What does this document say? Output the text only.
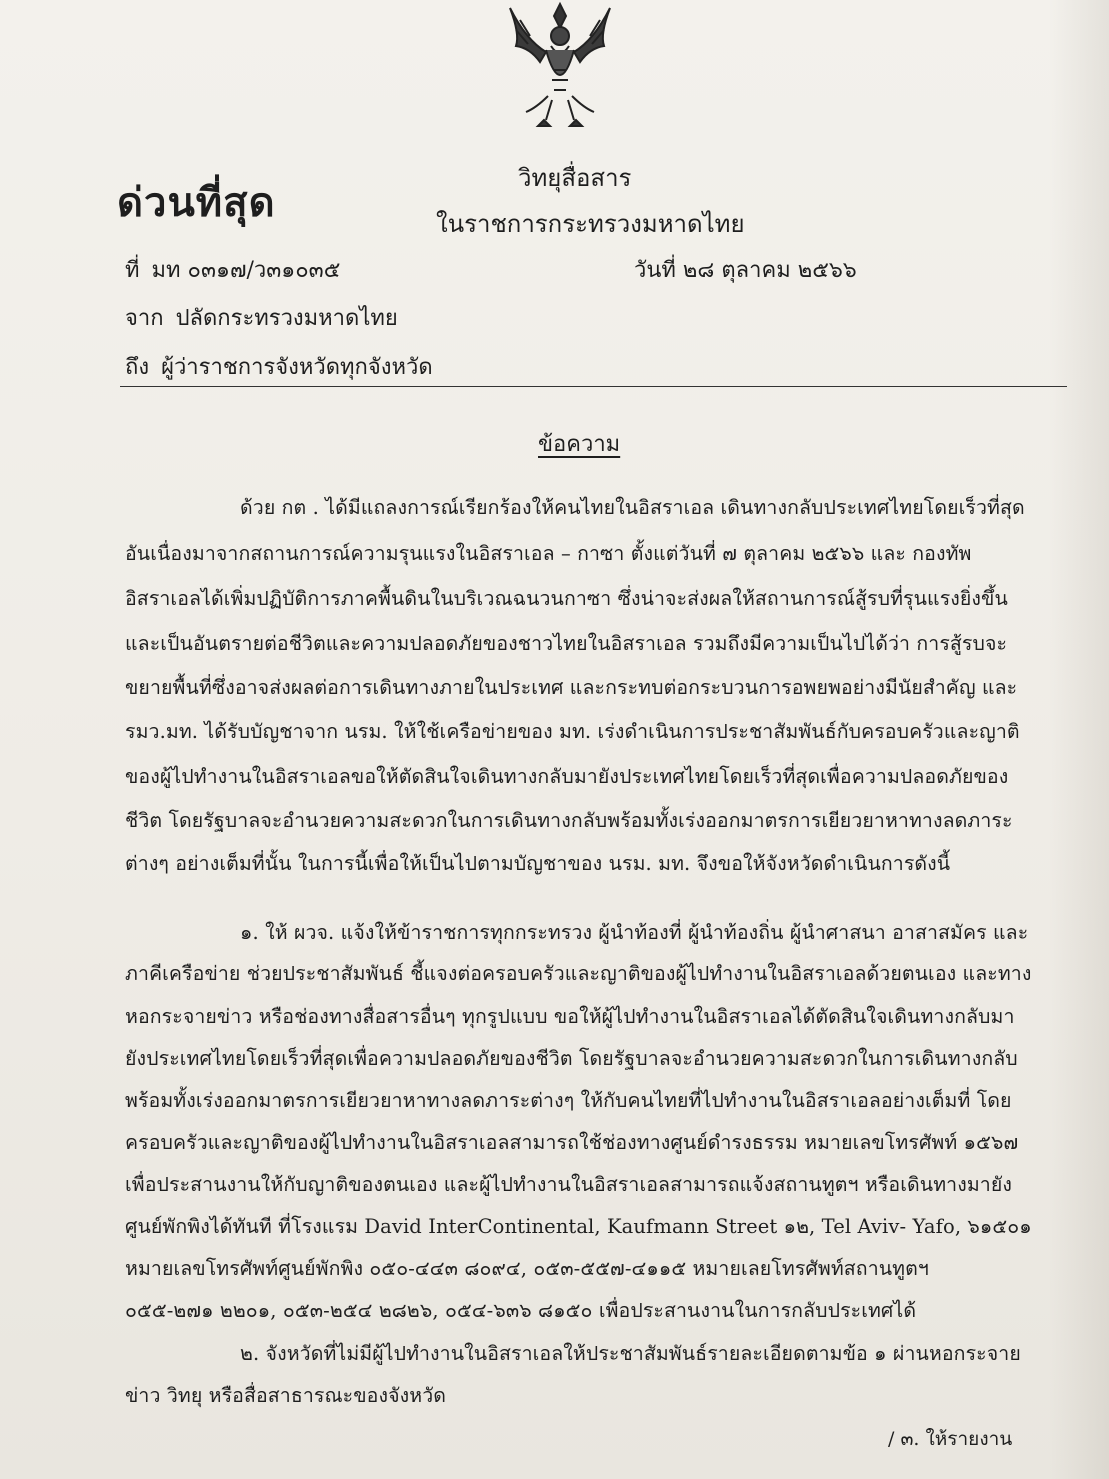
ด่วนที่สุด
วิทยุสื่อสาร
ในราชการกระทรวงมหาดไทย
ที่ มท ๐๓๑๗/ว๓๑๐๓๕	วันที่ ๒๘ ตุลาคม ๒๕๖๖
จาก ปลัดกระทรวงมหาดไทย
ถึง ผู้ว่าราชการจังหวัดทุกจังหวัด
ข้อความ
ด้วย กต . ได้มีแถลงการณ์เรียกร้องให้คนไทยในอิสราเอล เดินทางกลับประเทศไทยโดยเร็วที่สุด
อันเนื่องมาจากสถานการณ์ความรุนแรงในอิสราเอล – กาซา ตั้งแต่วันที่ ๗ ตุลาคม ๒๕๖๖ และ กองทัพ
อิสราเอลได้เพิ่มปฏิบัติการภาคพื้นดินในบริเวณฉนวนกาซา ซึ่งน่าจะส่งผลให้สถานการณ์สู้รบที่รุนแรงยิ่งขึ้น
และเป็นอันตรายต่อชีวิตและความปลอดภัยของชาวไทยในอิสราเอล รวมถึงมีความเป็นไปได้ว่า การสู้รบจะ
ขยายพื้นที่ซึ่งอาจส่งผลต่อการเดินทางภายในประเทศ และกระทบต่อกระบวนการอพยพอย่างมีนัยสำคัญ และ
รมว.มท. ได้รับบัญชาจาก นรม. ให้ใช้เครือข่ายของ มท. เร่งดำเนินการประชาสัมพันธ์กับครอบครัวและญาติ
ของผู้ไปทำงานในอิสราเอลขอให้ตัดสินใจเดินทางกลับมายังประเทศไทยโดยเร็วที่สุดเพื่อความปลอดภัยของ
ชีวิต โดยรัฐบาลจะอำนวยความสะดวกในการเดินทางกลับพร้อมทั้งเร่งออกมาตรการเยียวยาหาทางลดภาระ
ต่างๆ อย่างเต็มที่นั้น ในการนี้เพื่อให้เป็นไปตามบัญชาของ นรม. มท. จึงขอให้จังหวัดดำเนินการดังนี้
๑. ให้ ผวจ. แจ้งให้ข้าราชการทุกกระทรวง ผู้นำท้องที่ ผู้นำท้องถิ่น ผู้นำศาสนา อาสาสมัคร และ
ภาคีเครือข่าย ช่วยประชาสัมพันธ์ ชี้แจงต่อครอบครัวและญาติของผู้ไปทำงานในอิสราเอลด้วยตนเอง และทาง
หอกระจายข่าว หรือช่องทางสื่อสารอื่นๆ ทุกรูปแบบ ขอให้ผู้ไปทำงานในอิสราเอลได้ตัดสินใจเดินทางกลับมา
ยังประเทศไทยโดยเร็วที่สุดเพื่อความปลอดภัยของชีวิต โดยรัฐบาลจะอำนวยความสะดวกในการเดินทางกลับ
พร้อมทั้งเร่งออกมาตรการเยียวยาหาทางลดภาระต่างๆ ให้กับคนไทยที่ไปทำงานในอิสราเอลอย่างเต็มที่ โดย
ครอบครัวและญาติของผู้ไปทำงานในอิสราเอลสามารถใช้ช่องทางศูนย์ดำรงธรรม หมายเลขโทรศัพท์ ๑๕๖๗
เพื่อประสานงานให้กับญาติของตนเอง และผู้ไปทำงานในอิสราเอลสามารถแจ้งสถานทูตฯ หรือเดินทางมายัง
ศูนย์พักพิงได้ทันที ที่โรงแรม David InterContinental, Kaufmann Street ๑๒, Tel Aviv- Yafo, ๖๑๕๐๑
หมายเลขโทรศัพท์ศูนย์พักพิง ๐๕๐-๔๔๓ ๘๐๙๔, ๐๕๓-๕๕๗-๔๑๑๕ หมายเลยโทรศัพท์สถานทูตฯ
๐๕๕-๒๗๑ ๒๒๐๑, ๐๕๓-๒๕๔ ๒๘๒๖, ๐๕๔-๖๓๖ ๘๑๕๐ เพื่อประสานงานในการกลับประเทศได้
๒. จังหวัดที่ไม่มีผู้ไปทำงานในอิสราเอลให้ประชาสัมพันธ์รายละเอียดตามข้อ ๑ ผ่านหอกระจาย
ข่าว วิทยุ หรือสื่อสาธารณะของจังหวัด
/ ๓. ให้รายงาน
